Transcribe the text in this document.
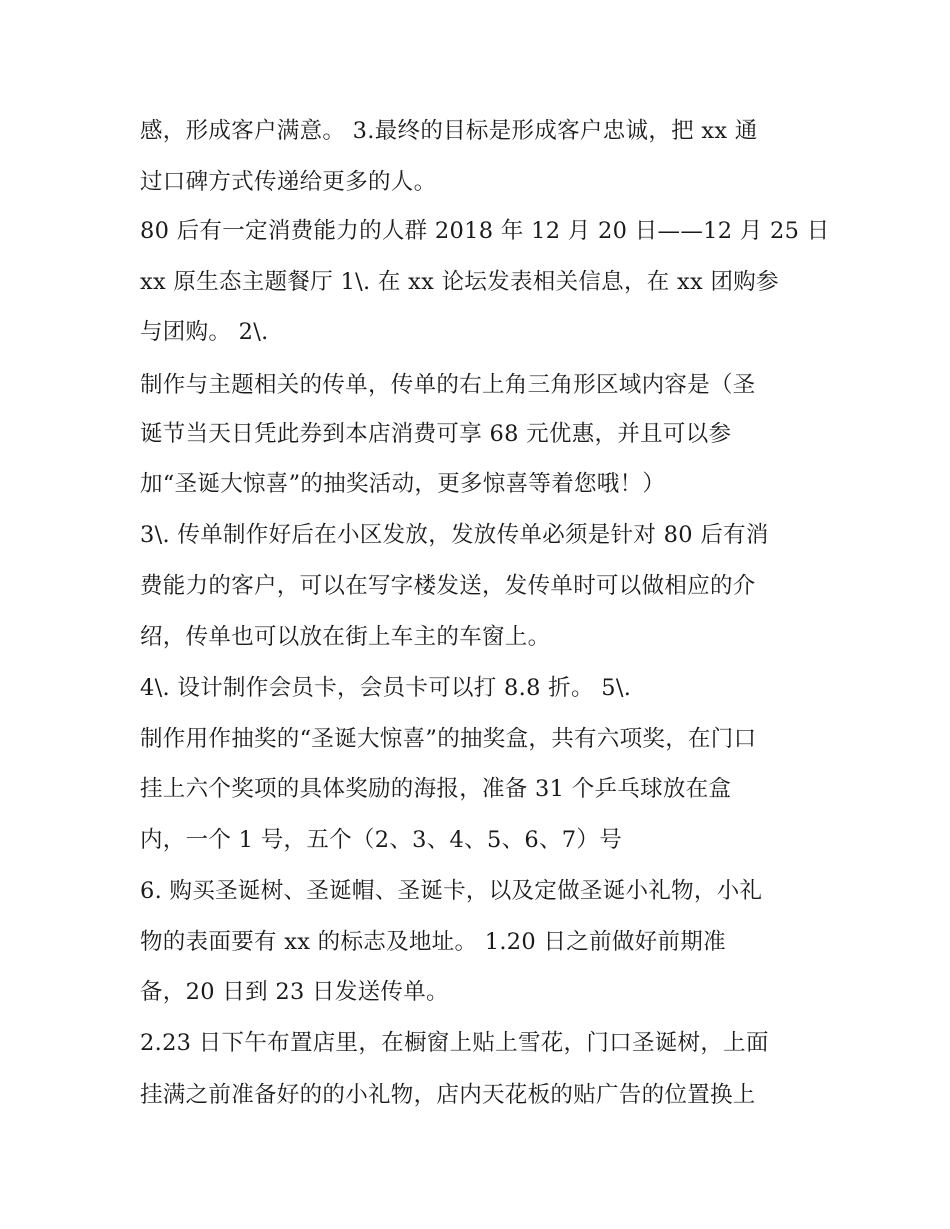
感，形成客户满意。 3.最终的目标是形成客户忠诚，把 xx 通
过口碑方式传递给更多的人。
80 后有一定消费能力的人群 2018 年 12 月 20 日——12 月 25 日
xx 原生态主题餐厅 1\. 在 xx 论坛发表相关信息，在 xx 团购参
与团购。 2\.
制作与主题相关的传单，传单的右上角三角形区域内容是（圣
诞节当天日凭此券到本店消费可享 68 元优惠，并且可以参
加“圣诞大惊喜”的抽奖活动，更多惊喜等着您哦！）
3\. 传单制作好后在小区发放，发放传单必须是针对 80 后有消
费能力的客户，可以在写字楼发送，发传单时可以做相应的介
绍，传单也可以放在街上车主的车窗上。
4\. 设计制作会员卡，会员卡可以打 8.8 折。 5\.
制作用作抽奖的“圣诞大惊喜”的抽奖盒，共有六项奖，在门口
挂上六个奖项的具体奖励的海报，准备 31 个乒乓球放在盒
内，一个 1 号，五个（2、3、4、5、6、7）号
6. 购买圣诞树、圣诞帽、圣诞卡，以及定做圣诞小礼物，小礼
物的表面要有 xx 的标志及地址。 1.20 日之前做好前期准
备，20 日到 23 日发送传单。
2.23 日下午布置店里，在橱窗上贴上雪花，门口圣诞树，上面
挂满之前准备好的的小礼物，店内天花板的贴广告的位置换上
